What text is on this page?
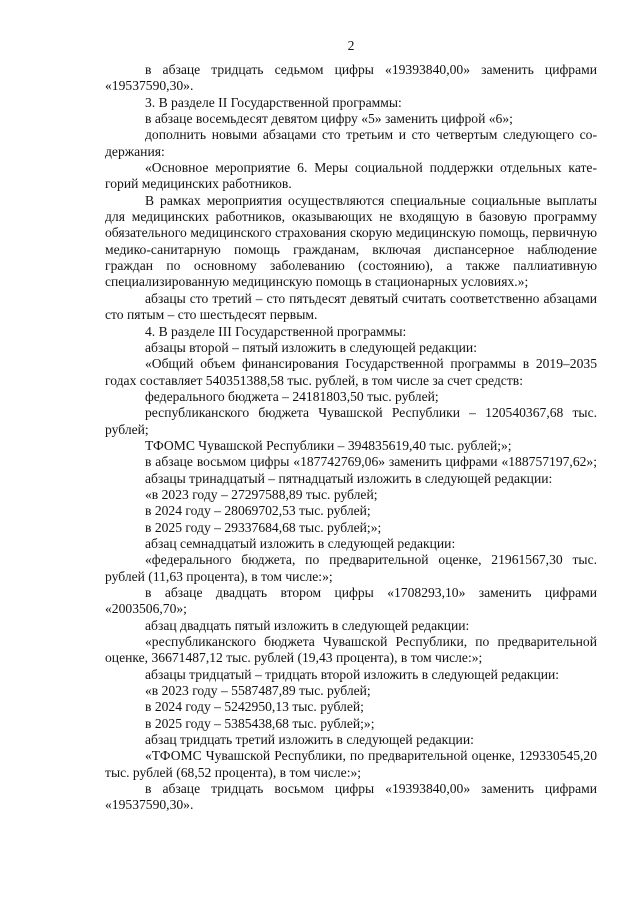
2

в абзаце тридцать седьмом цифры «19393840,00» заменить цифрами «19537590,30».

3. В разделе II Государственной программы:

в абзаце восемьдесят девятом цифру «5» заменить цифрой «6»;

дополнить новыми абзацами сто третьим и сто четвертым следующего содержания:

«Основное мероприятие 6. Меры социальной поддержки отдельных категорий медицинских работников.

В рамках мероприятия осуществляются специальные социальные выплаты для медицинских работников, оказывающих не входящую в базовую программу обязательного медицинского страхования скорую медицинскую помощь, первичную медико-санитарную помощь гражданам, включая диспансерное наблюдение граждан по основному заболеванию (состоянию), а также паллиативную специализированную медицинскую помощь в стационарных условиях.»;

абзацы сто третий – сто пятьдесят девятый считать соответственно абзацами сто пятым – сто шестьдесят первым.

4. В разделе III Государственной программы:

абзацы второй – пятый изложить в следующей редакции:

«Общий объем финансирования Государственной программы в 2019–2035 годах составляет 540351388,58 тыс. рублей, в том числе за счет средств:

федерального бюджета – 24181803,50 тыс. рублей;

республиканского бюджета Чувашской Республики – 120540367,68 тыс. рублей;

ТФОМС Чувашской Республики – 394835619,40 тыс. рублей;»;

в абзаце восьмом цифры «187742769,06» заменить цифрами «188757197,62»;

абзацы тринадцатый – пятнадцатый изложить в следующей редакции:

«в 2023 году – 27297588,89 тыс. рублей;

в 2024 году – 28069702,53 тыс. рублей;

в 2025 году – 29337684,68 тыс. рублей;»;

абзац семнадцатый изложить в следующей редакции:

«федерального бюджета, по предварительной оценке, 21961567,30 тыс. рублей (11,63 процента), в том числе:»;

в абзаце двадцать втором цифры «1708293,10» заменить цифрами «2003506,70»;

абзац двадцать пятый изложить в следующей редакции:

«республиканского бюджета Чувашской Республики, по предварительной оценке, 36671487,12 тыс. рублей (19,43 процента), в том числе:»;

абзацы тридцатый – тридцать второй изложить в следующей редакции:

«в 2023 году – 5587487,89 тыс. рублей;

в 2024 году – 5242950,13 тыс. рублей;

в 2025 году – 5385438,68 тыс. рублей;»;

абзац тридцать третий изложить в следующей редакции:

«ТФОМС Чувашской Республики, по предварительной оценке, 129330545,20 тыс. рублей (68,52 процента), в том числе:»;

в абзаце тридцать восьмом цифры «19393840,00» заменить цифрами «19537590,30».
